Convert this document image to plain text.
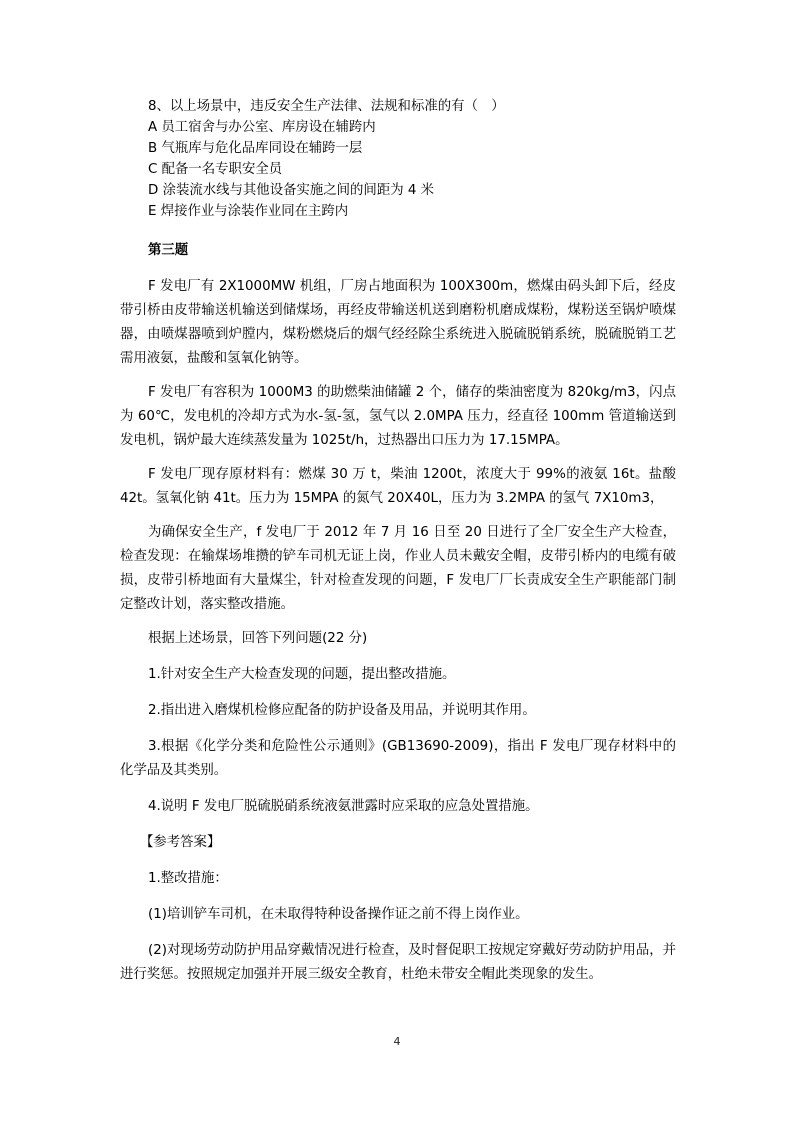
8、以上场景中，违反安全生产法律、法规和标准的有（　）
A 员工宿舍与办公室、库房设在辅跨内
B 气瓶库与危化品库同设在辅跨一层
C 配备一名专职安全员
D 涂装流水线与其他设备实施之间的间距为 4 米
E 焊接作业与涂装作业同在主跨内
第三题

F 发电厂有 2X1000MW 机组，厂房占地面积为 100X300m，燃煤由码头卸下后，经皮带引桥由皮带输送机输送到储煤场，再经皮带输送机送到磨粉机磨成煤粉，煤粉送至锅炉喷煤器，由喷煤器喷到炉膛内，煤粉燃烧后的烟气经经除尘系统进入脱硫脱销系统，脱硫脱销工艺需用液氨，盐酸和氢氧化钠等。

F 发电厂有容积为 1000M3 的助燃柴油储罐 2 个，储存的柴油密度为 820kg/m3，闪点为 60℃，发电机的冷却方式为水-氢-氢，氢气以 2.0MPA 压力，经直径 100mm 管道输送到发电机，锅炉最大连续蒸发量为 1025t/h，过热器出口压力为 17.15MPA。

F 发电厂现存原材料有：燃煤 30 万 t，柴油 1200t，浓度大于 99%的液氨 16t。盐酸 42t。氢氧化钠 41t。压力为 15MPA 的氮气 20X40L，压力为 3.2MPA 的氢气 7X10m3，

为确保安全生产，f 发电厂于 2012 年 7 月 16 日至 20 日进行了全厂安全生产大检查，检查发现：在输煤场堆攒的铲车司机无证上岗，作业人员未戴安全帽，皮带引桥内的电缆有破损，皮带引桥地面有大量煤尘，针对检查发现的问题，F 发电厂厂长责成安全生产职能部门制定整改计划，落实整改措施。

根据上述场景，回答下列问题(22 分)

1.针对安全生产大检查发现的问题，提出整改措施。

2.指出进入磨煤机检修应配备的防护设备及用品，并说明其作用。

3.根据《化学分类和危险性公示通则》(GB13690-2009)，指出 F 发电厂现存材料中的化学品及其类别。

4.说明 F 发电厂脱硫脱硝系统液氨泄露时应采取的应急处置措施。

【参考答案】

1.整改措施：

(1)培训铲车司机，在未取得特种设备操作证之前不得上岗作业。

(2)对现场劳动防护用品穿戴情况进行检查，及时督促职工按规定穿戴好劳动防护用品，并进行奖惩。按照规定加强并开展三级安全教育，杜绝未带安全帽此类现象的发生。

4
